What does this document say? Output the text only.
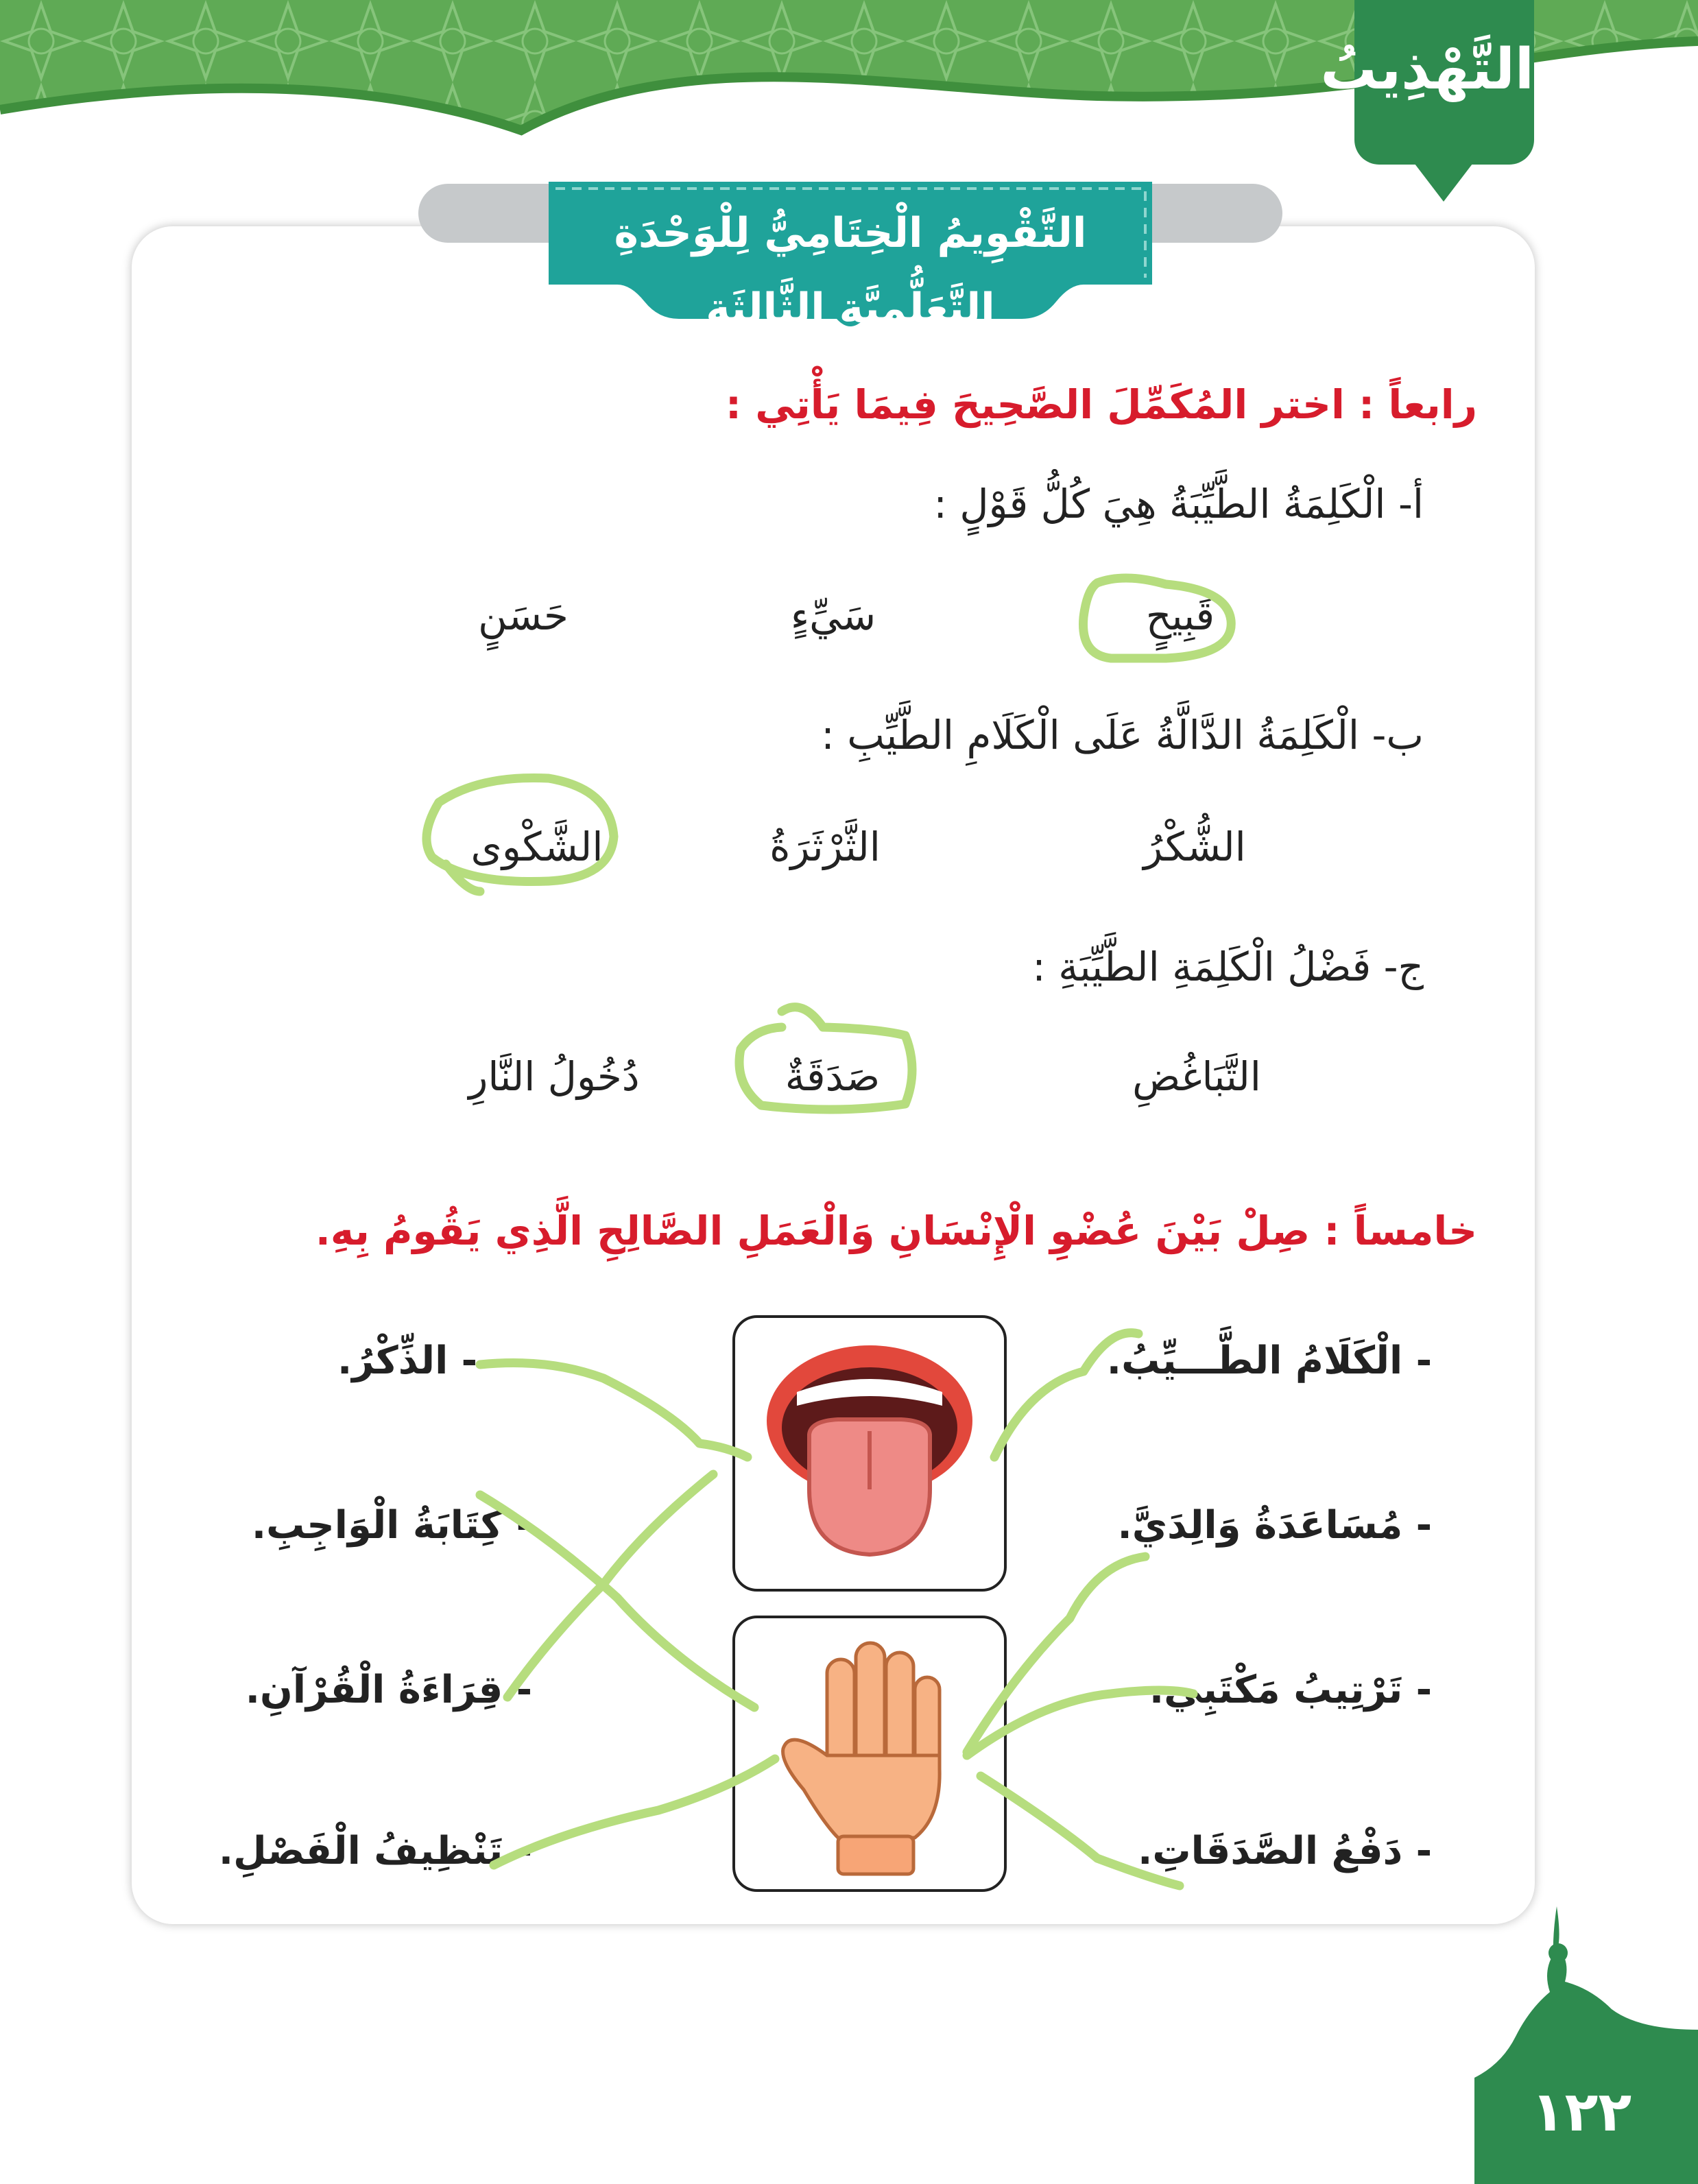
التَّهْذِيبُ
التَّقْوِيمُ الْخِتَامِيُّ لِلْوَحْدَةِ التَّعَلُّمِيَّةِ الثَّالِثَةِ
رابعاً : اختر المُكَمِّلَ الصَّحِيحَ فِيمَا يَأْتِي :
أ- الْكَلِمَةُ الطَّيِّبَةُ هِيَ كُلُّ قَوْلٍ :
حَسَنٍ	سَيِّءٍ	قَبِيحٍ
ب- الْكَلِمَةُ الدَّالَّةُ عَلَى الْكَلَامِ الطَّيِّبِ :
الشَّكْوى	الثَّرْثَرَةُ	الشُّكْرُ
ج- فَضْلُ الْكَلِمَةِ الطَّيِّبَةِ :
دُخُولُ النَّارِ	صَدَقَةٌ	التَّبَاغُضِ
خامساً : صِلْ بَيْنَ عُضْوِ الْإِنْسَانِ وَالْعَمَلِ الصَّالِحِ الَّذِي يَقُومُ بِهِ.
- الْكَلَامُ الطَّـــيِّبُ.
- مُسَاعَدَةُ وَالِدَيَّ.
- تَرْتِيبُ مَكْتَبِي.
- دَفْعُ الصَّدَقَاتِ.
- الذِّكْرُ.
- كِتَابَةُ الْوَاجِبِ.
- قِرَاءَةُ الْقُرْآنِ.
- تَنْظِيفُ الْفَصْلِ.
١٢٢
